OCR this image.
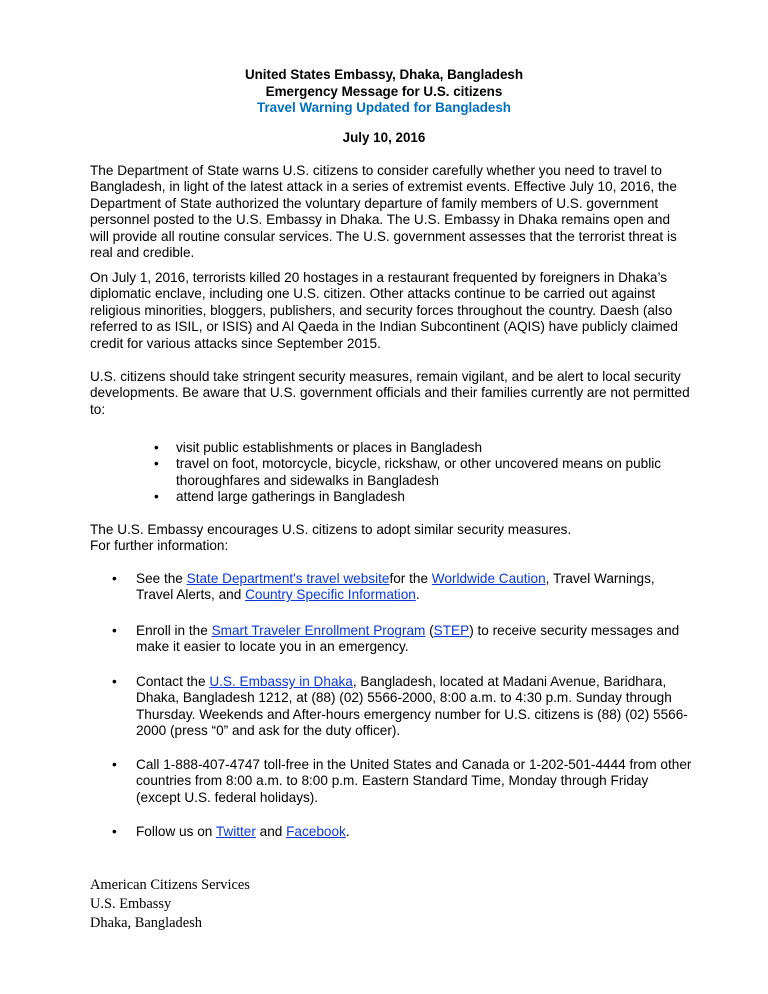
United States Embassy, Dhaka, Bangladesh
Emergency Message for U.S. citizens
Travel Warning Updated for Bangladesh
July 10, 2016

The Department of State warns U.S. citizens to consider carefully whether you need to travel to Bangladesh, in light of the latest attack in a series of extremist events. Effective July 10, 2016, the Department of State authorized the voluntary departure of family members of U.S. government personnel posted to the U.S. Embassy in Dhaka. The U.S. Embassy in Dhaka remains open and will provide all routine consular services. The U.S. government assesses that the terrorist threat is real and credible.

On July 1, 2016, terrorists killed 20 hostages in a restaurant frequented by foreigners in Dhaka’s diplomatic enclave, including one U.S. citizen. Other attacks continue to be carried out against religious minorities, bloggers, publishers, and security forces throughout the country. Daesh (also referred to as ISIL, or ISIS) and Al Qaeda in the Indian Subcontinent (AQIS) have publicly claimed credit for various attacks since September 2015.

U.S. citizens should take stringent security measures, remain vigilant, and be alert to local security developments. Be aware that U.S. government officials and their families currently are not permitted to:

• visit public establishments or places in Bangladesh
• travel on foot, motorcycle, bicycle, rickshaw, or other uncovered means on public thoroughfares and sidewalks in Bangladesh
• attend large gatherings in Bangladesh

The U.S. Embassy encourages U.S. citizens to adopt similar security measures.
For further information:

• See the State Department's travel websitefor the Worldwide Caution, Travel Warnings, Travel Alerts, and Country Specific Information.
• Enroll in the Smart Traveler Enrollment Program (STEP) to receive security messages and make it easier to locate you in an emergency.
• Contact the U.S. Embassy in Dhaka, Bangladesh, located at Madani Avenue, Baridhara, Dhaka, Bangladesh 1212, at (88) (02) 5566-2000, 8:00 a.m. to 4:30 p.m. Sunday through Thursday. Weekends and After-hours emergency number for U.S. citizens is (88) (02) 5566-2000 (press “0” and ask for the duty officer).
• Call 1-888-407-4747 toll-free in the United States and Canada or 1-202-501-4444 from other countries from 8:00 a.m. to 8:00 p.m. Eastern Standard Time, Monday through Friday (except U.S. federal holidays).
• Follow us on Twitter and Facebook.
American Citizens Services
U.S. Embassy
Dhaka, Bangladesh
